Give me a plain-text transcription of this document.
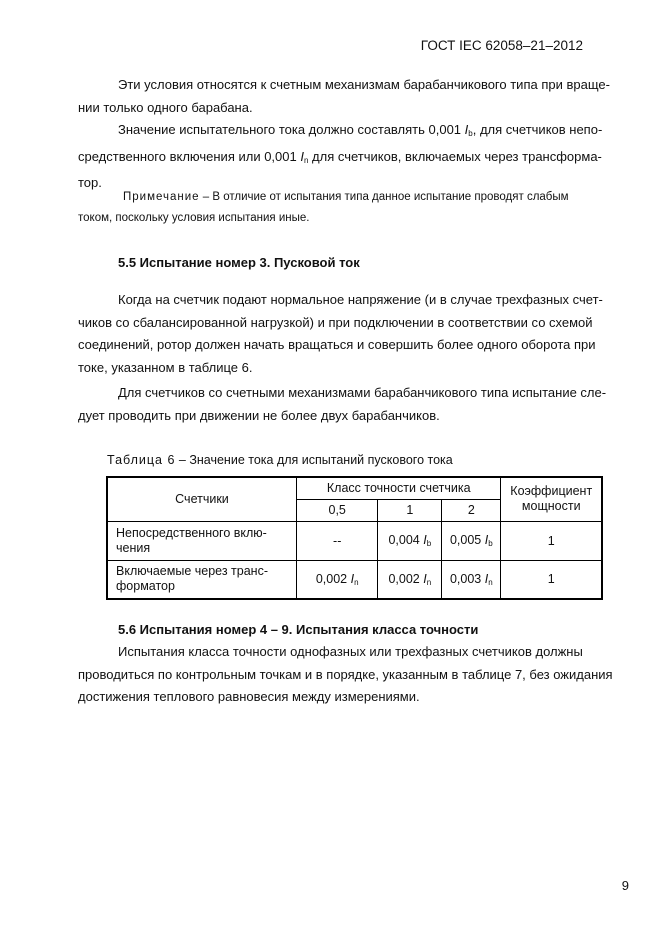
ГОСТ IEC 62058–21–2012

Эти условия относятся к счетным механизмам барабанчикового типа при враще-
нии только одного барабана.

Значение испытательного тока должно составлять 0,001 $I_b$, для счетчиков непо-
средственного включения или 0,001 $I_n$ для счетчиков, включаемых через трансформа-
тор.

Примечание – В отличие от испытания типа данное испытание проводят слабым
током, поскольку условия испытания иные.

5.5 Испытание номер 3. Пусковой ток

Когда на счетчик подают нормальное напряжение (и в случае трехфазных счет-
чиков со сбалансированной нагрузкой) и при подключении в соответствии со схемой
соединений, ротор должен начать вращаться и совершить более одного оборота при
токе, указанном в таблице 6.

Для счетчиков со счетными механизмами барабанчикового типа испытание сле-
дует проводить при движении не более двух барабанчиков.

Таблица 6 – Значение тока для испытаний пускового тока
Счетчики	Класс точности счетчика			Коэффициент мощности
	0,5	1	2	
Непосредственного вклю-
чения	--	0,004 $I_b$	0,005 $I_b$	1
Включаемые через транс-
форматор	0,002 $I_n$	0,002 $I_n$	0,003 $I_n$	1
5.6 Испытания номер 4 – 9. Испытания класса точности

Испытания класса точности однофазных или трехфазных счетчиков должны
проводиться по контрольным точкам и в порядке, указанным в таблице 7, без ожидания
достижения теплового равновесия между измерениями.

9
